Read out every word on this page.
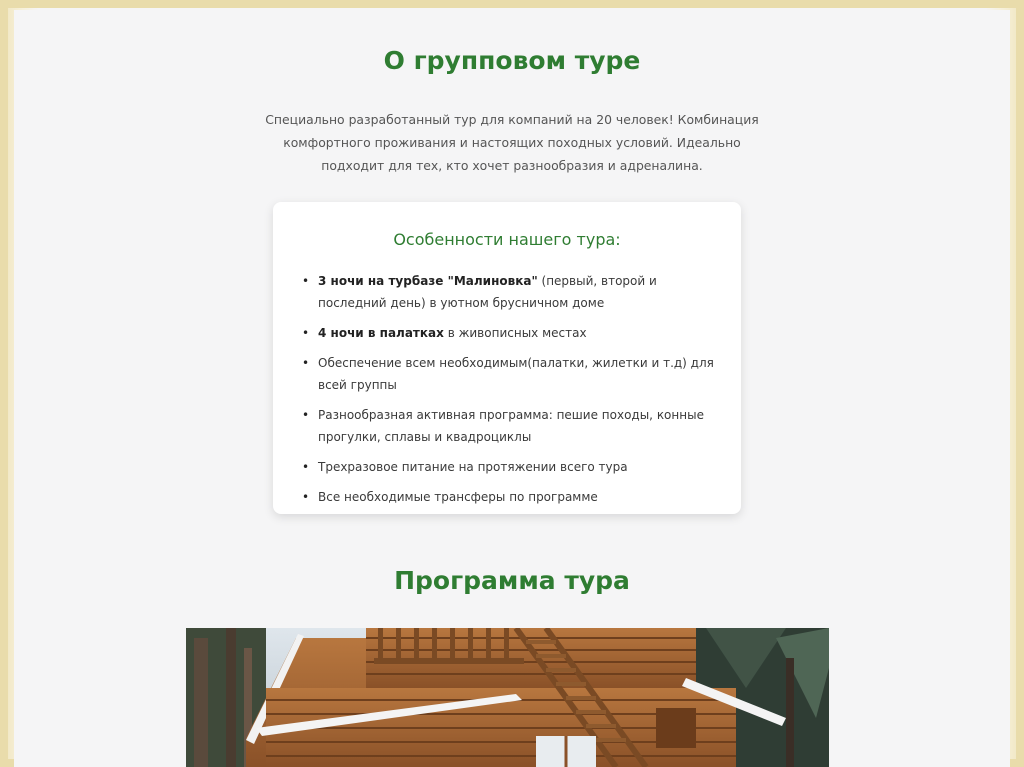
О групповом туре
Специально разработанный тур для компаний на 20 человек! Комбинация комфортного проживания и настоящих походных условий. Идеально подходит для тех, кто хочет разнообразия и адреналина.
Особенности нашего тура:
• 3 ночи на турбазе "Малиновка" (первый, второй и последний день) в уютном брусничном доме
• 4 ночи в палатках в живописных местах
• Обеспечение всем необходимым(палатки, жилетки и т.д) для всей группы
• Разнообразная активная программа: пешие походы, конные прогулки, сплавы и квадроциклы
• Трехразовое питание на протяжении всего тура
• Все необходимые трансферы по программе
Программа тура
